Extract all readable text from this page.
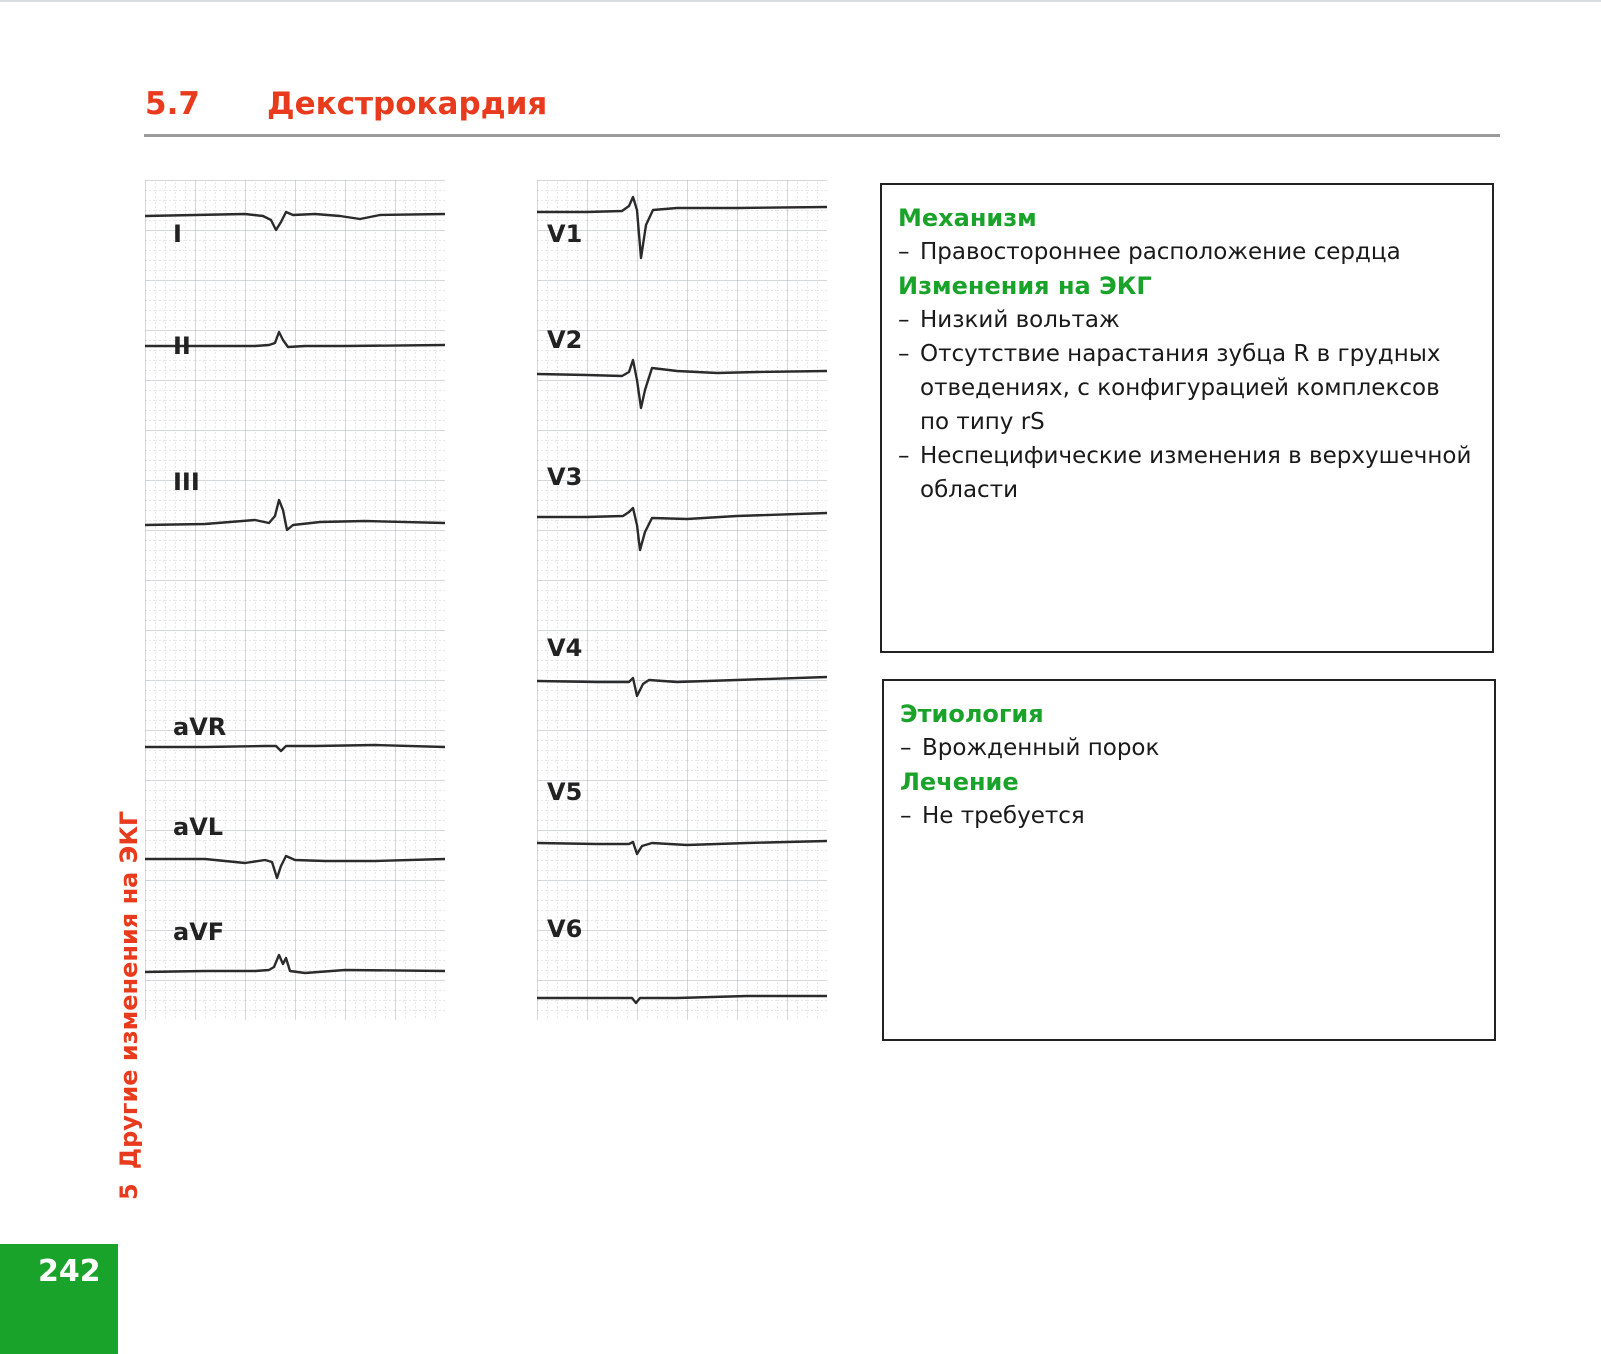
5.7 Декстрокардия
I
II
III
aVR
aVL
aVF
V1
V2
V3
V4
V5
V6

Механизм

– Правостороннее расположение сердца

Изменения на ЭКГ

– Низкий вольтаж

– Отсутствие нарастания зубца R в грудных
отведениях, с конфигурацией комплексов
по типу rS

– Неспецифические изменения в верхушечной
области

Этиология

– Врожденный порок

Лечение

– Не требуется

5Другие изменения на ЭКГ
242
